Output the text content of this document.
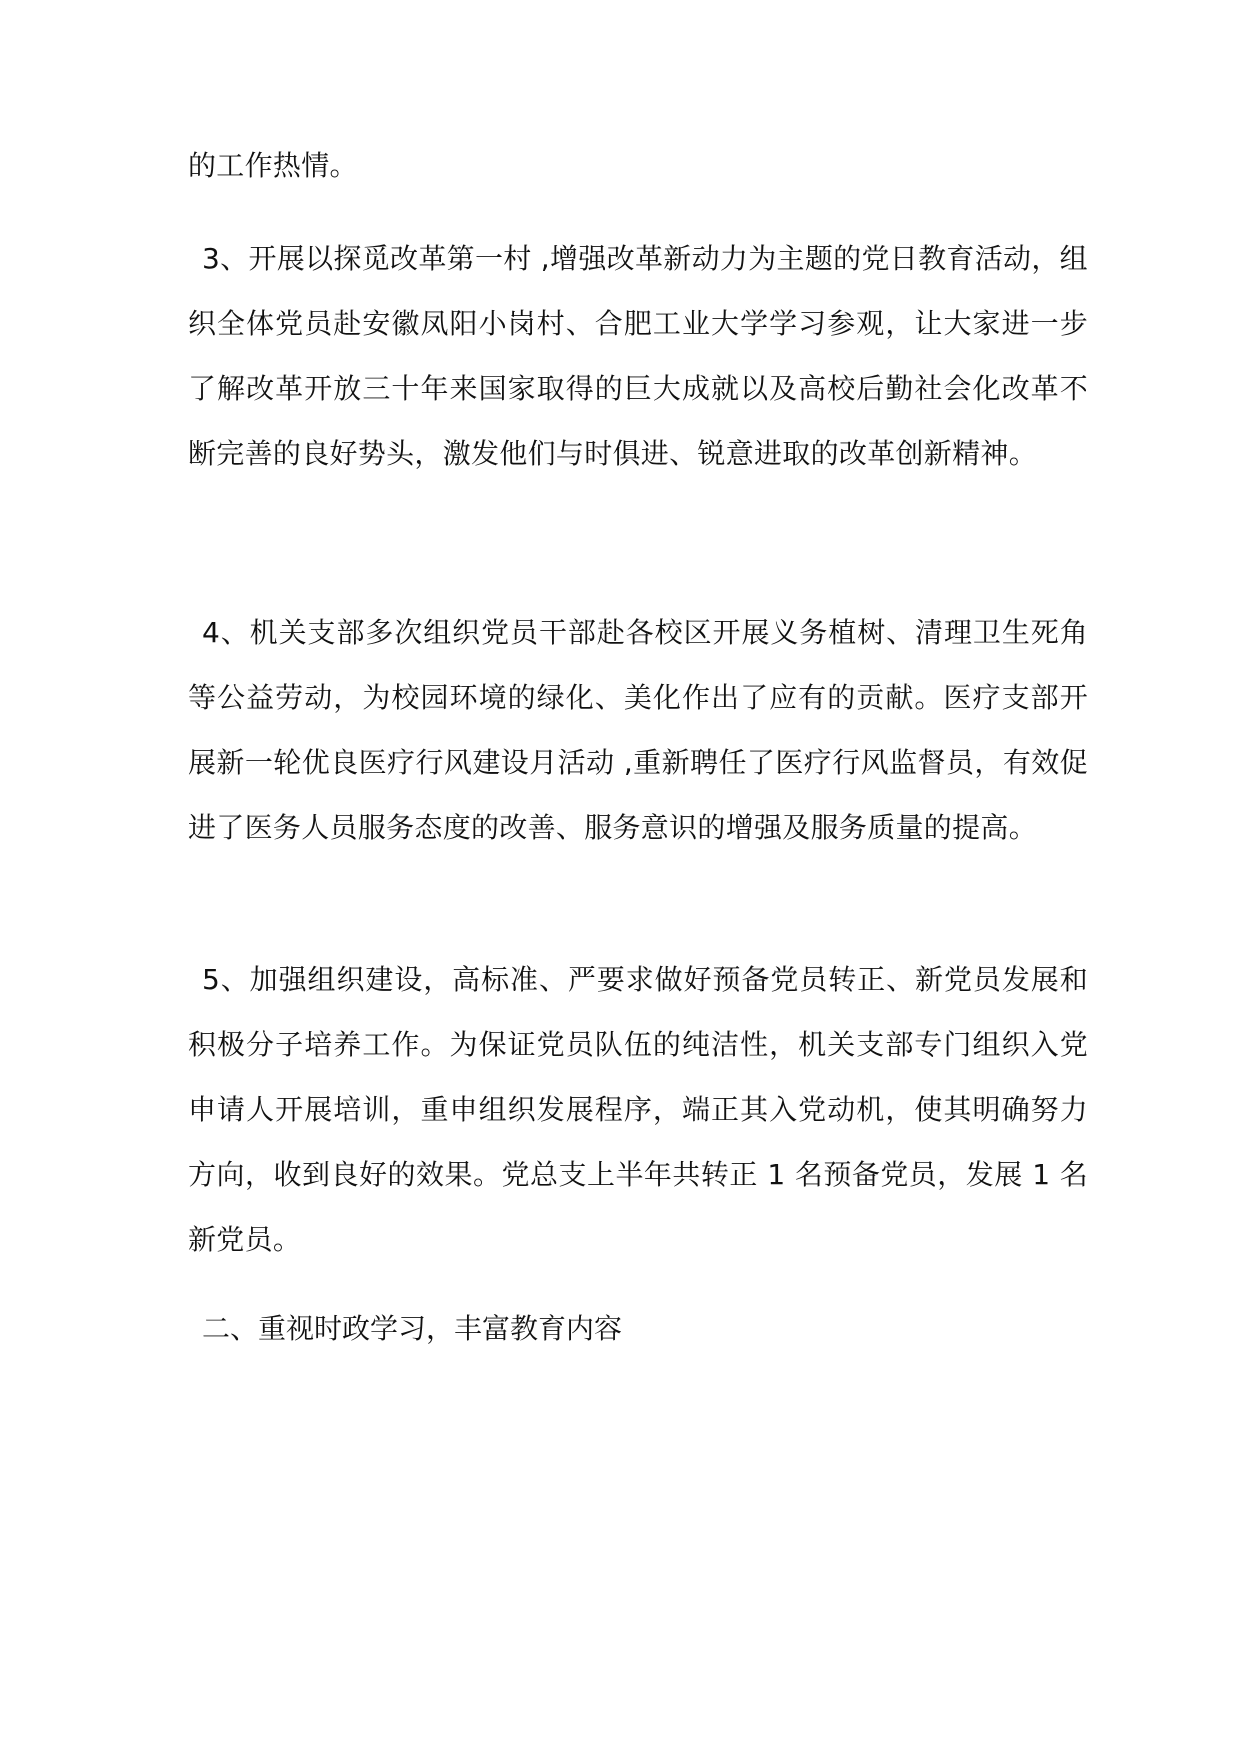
的工作热情。

3、开展以探觅改革第一村 ,增强改革新动力为主题的党日教育活动，组织全体党员赴安徽凤阳小岗村、合肥工业大学学习参观，让大家进一步了解改革开放三十年来国家取得的巨大成就以及高校后勤社会化改革不断完善的良好势头，激发他们与时俱进、锐意进取的改革创新精神。

4、机关支部多次组织党员干部赴各校区开展义务植树、清理卫生死角等公益劳动，为校园环境的绿化、美化作出了应有的贡献。医疗支部开展新一轮优良医疗行风建设月活动 ,重新聘任了医疗行风监督员，有效促进了医务人员服务态度的改善、服务意识的增强及服务质量的提高。

5、加强组织建设，高标准、严要求做好预备党员转正、新党员发展和积极分子培养工作。为保证党员队伍的纯洁性，机关支部专门组织入党申请人开展培训，重申组织发展程序，端正其入党动机，使其明确努力方向，收到良好的效果。党总支上半年共转正 1 名预备党员，发展 1 名新党员。

二、重视时政学习，丰富教育内容
